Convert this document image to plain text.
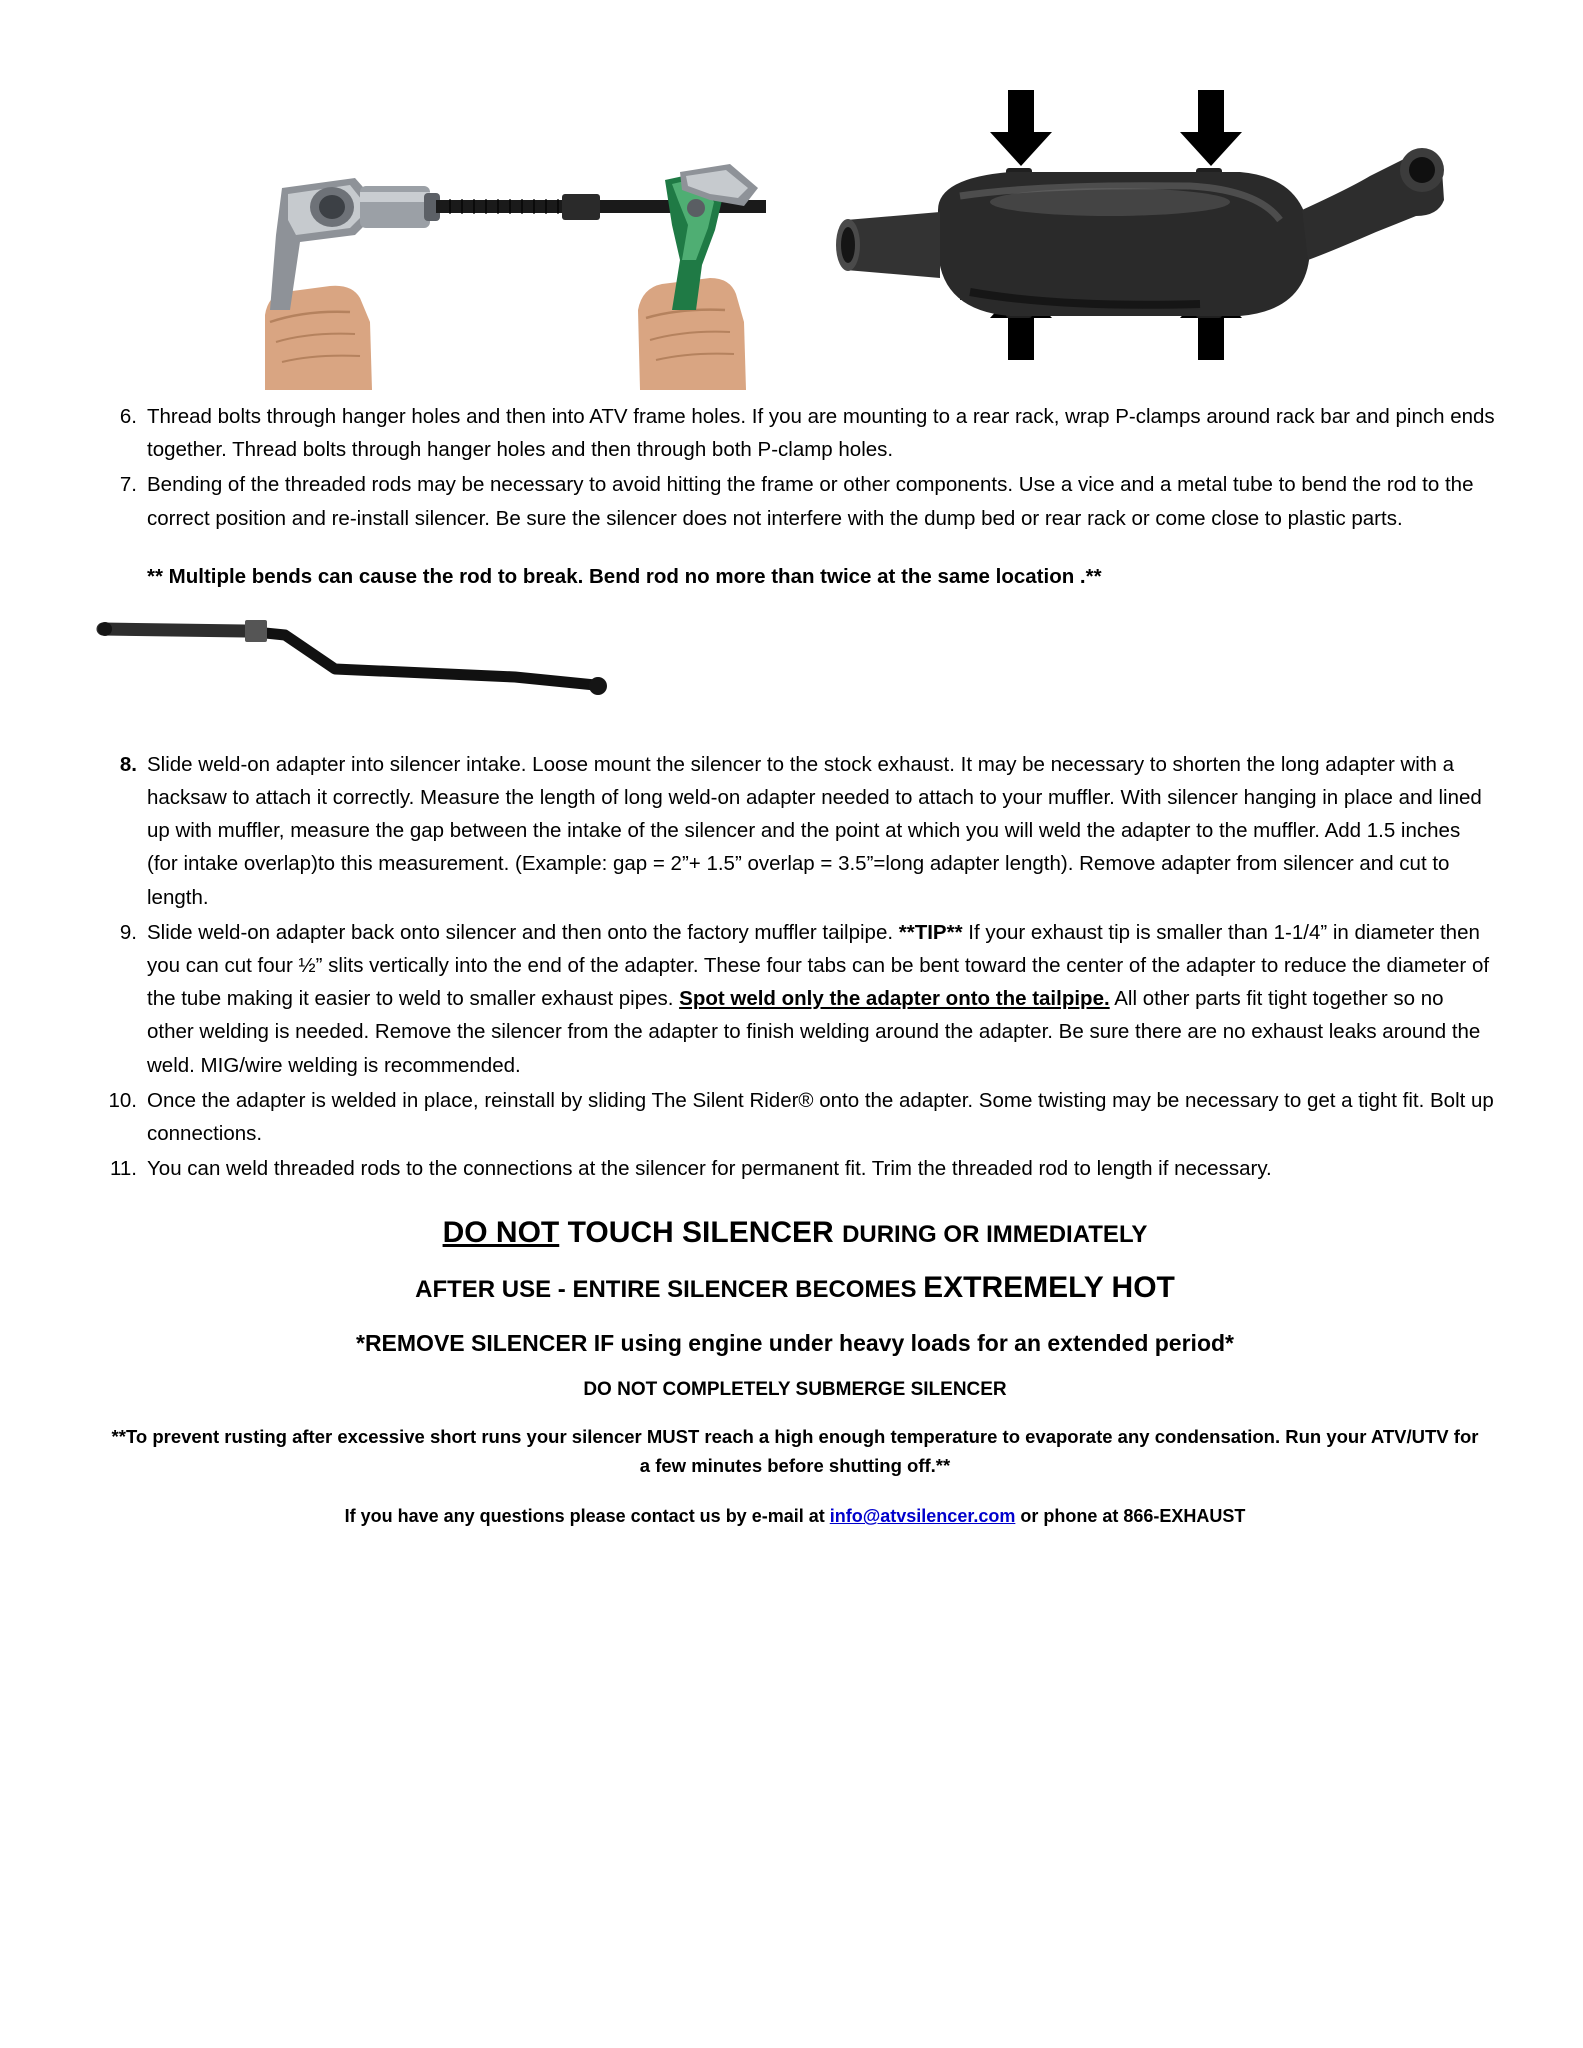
6. Thread bolts through hanger holes and then into ATV frame holes. If you are mounting to a rear rack, wrap P-clamps around rack bar and pinch ends together. Thread bolts through hanger holes and then through both P-clamp holes.
7. Bending of the threaded rods may be necessary to avoid hitting the frame or other components. Use a vice and a metal tube to bend the rod to the correct position and re-install silencer. Be sure the silencer does not interfere with the dump bed or rear rack or come close to plastic parts.
** Multiple bends can cause the rod to break. Bend rod no more than twice at the same location .**
8. Slide weld-on adapter into silencer intake. Loose mount the silencer to the stock exhaust. It may be necessary to shorten the long adapter with a hacksaw to attach it correctly. Measure the length of long weld-on adapter needed to attach to your muffler. With silencer hanging in place and lined up with muffler, measure the gap between the intake of the silencer and the point at which you will weld the adapter to the muffler. Add 1.5 inches (for intake overlap)to this measurement. (Example: gap = 2”+ 1.5” overlap = 3.5”=long adapter length). Remove adapter from silencer and cut to length.
9. Slide weld-on adapter back onto silencer and then onto the factory muffler tailpipe. **TIP** If your exhaust tip is smaller than 1-1/4” in diameter then you can cut four ½” slits vertically into the end of the adapter. These four tabs can be bent toward the center of the adapter to reduce the diameter of the tube making it easier to weld to smaller exhaust pipes. Spot weld only the adapter onto the tailpipe. All other parts fit tight together so no other welding is needed. Remove the silencer from the adapter to finish welding around the adapter. Be sure there are no exhaust leaks around the weld. MIG/wire welding is recommended.
10. Once the adapter is welded in place, reinstall by sliding The Silent Rider® onto the adapter. Some twisting may be necessary to get a tight fit. Bolt up connections.
11. You can weld threaded rods to the connections at the silencer for permanent fit. Trim the threaded rod to length if necessary.
DO NOT TOUCH SILENCER DURING OR IMMEDIATELY
AFTER USE - ENTIRE SILENCER BECOMES EXTREMELY HOT
*REMOVE SILENCER IF using engine under heavy loads for an extended period*
DO NOT COMPLETELY SUBMERGE SILENCER
**To prevent rusting after excessive short runs your silencer MUST reach a high enough temperature to evaporate any condensation. Run your ATV/UTV for a few minutes before shutting off.**
If you have any questions please contact us by e-mail at info@atvsilencer.com or phone at 866-EXHAUST
